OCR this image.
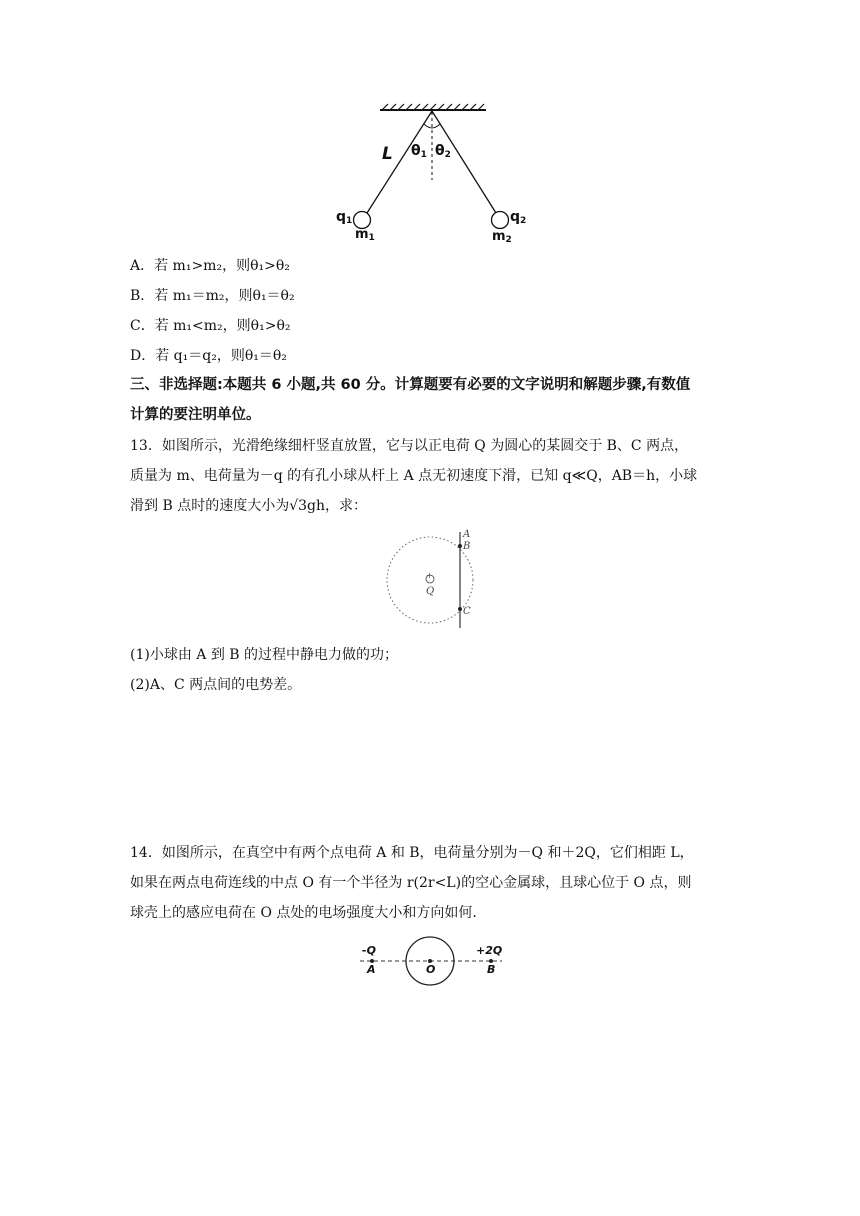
L $\theta_1$ $\theta_2$
$q_1$
$m_1$
$q_2$
$m_2$
A．若 m₁>m₂，则θ₁>θ₂
B．若 m₁＝m₂，则θ₁＝θ₂
C．若 m₁<m₂，则θ₁>θ₂
D．若 q₁＝q₂，则θ₁＝θ₂
三、非选择题:本题共 6 小题,共 60 分。计算题要有必要的文字说明和解题步骤,有数值
计算的要注明单位。
13．如图所示，光滑绝缘细杆竖直放置，它与以正电荷 Q 为圆心的某圆交于 B、C 两点，
质量为 m、电荷量为－q 的有孔小球从杆上 A 点无初速度下滑，已知 q≪Q，AB＝h，小球
滑到 B 点时的速度大小为√3gh，求：
+
A
B
C
Q
(1)小球由 A 到 B 的过程中静电力做的功；
(2)A、C 两点间的电势差。
14．如图所示，在真空中有两个点电荷 A 和 B，电荷量分别为－Q 和＋2Q，它们相距 L，
如果在两点电荷连线的中点 O 有一个半径为 r(2r<L)的空心金属球，且球心位于 O 点，则
球壳上的感应电荷在 O 点处的电场强度大小和方向如何.
-Q
A	O
+2Q
B
